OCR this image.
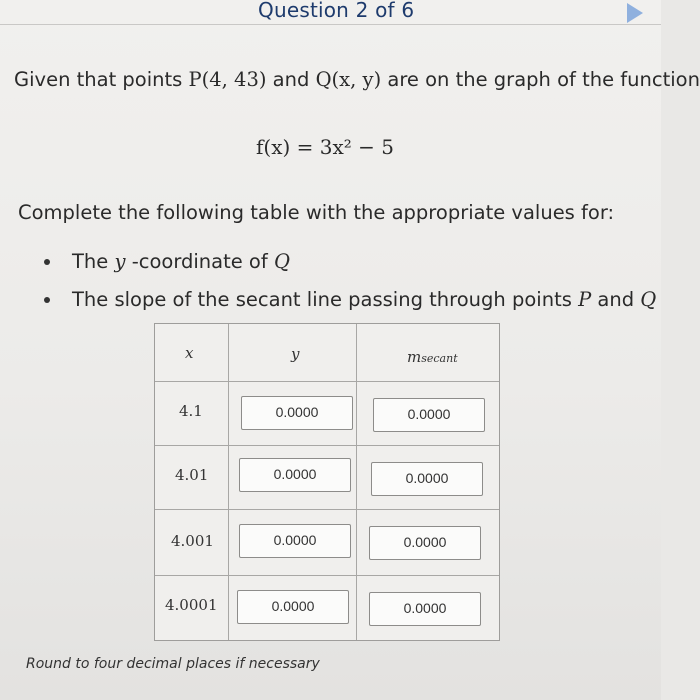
Question 2 of 6
Given that points P(4, 43) and Q(x, y) are on the graph of the function
f(x) = 3x² − 5
Complete the following table with the appropriate values for:
The y -coordinate of Q
The slope of the secant line passing through points P and Q
x	y	msecant
4.1	0.0000	0.0000
4.01	0.0000	0.0000
4.001	0.0000	0.0000
4.0001	0.0000	0.0000
Round to four decimal places if necessary
